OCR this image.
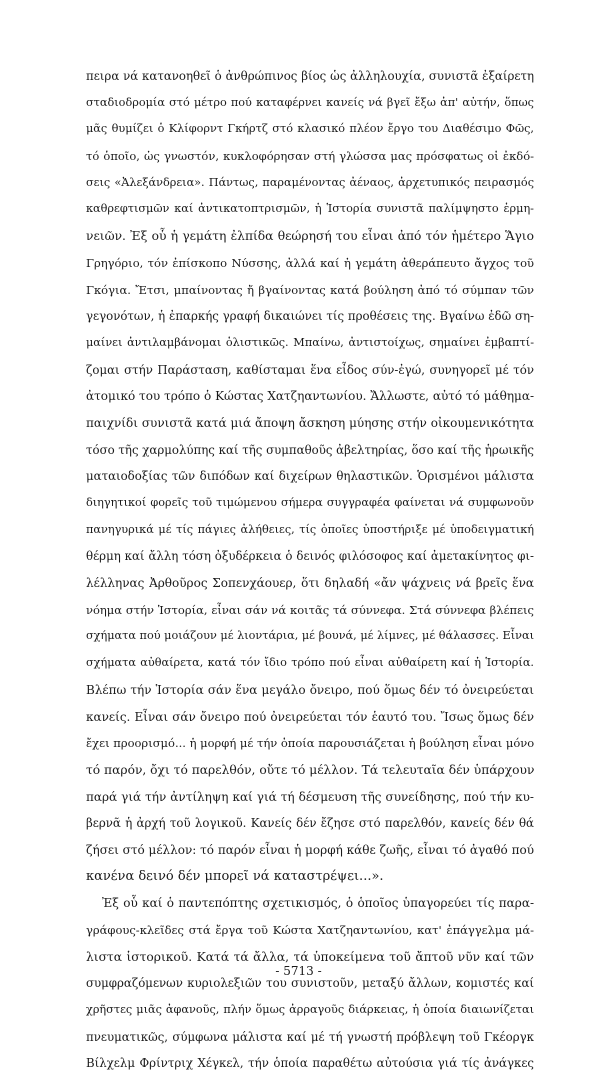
πειρα νά κατανοηθεῖ ὁ ἀνθρώπινος βίος ὡς ἀλληλουχία, συνιστᾶ ἐξαίρετη
σταδιοδρομία στό μέτρο πού καταφέρνει κανείς νά βγεῖ ἔξω ἀπ' αὐτήν, ὅπως
μᾶς θυμίζει ὁ Κλίφορντ Γκήρτζ στό κλασικό πλέον ἔργο του Διαθέσιμο Φῶς,
τό ὁποῖο, ὡς γνωστόν, κυκλοφόρησαν στή γλώσσα μας πρόσφατως οἱ ἐκδό-
σεις «Ἀλεξάνδρεια». Πάντως, παραμένοντας ἀέναος, ἀρχετυπικός πειρασμός
καθρεφτισμῶν καί ἀντικατοπτρισμῶν, ἡ Ἱστορία συνιστᾶ παλίμψηστο ἑρμη-
νειῶν. Ἐξ οὗ ἡ γεμάτη ἐλπίδα θεώρησή του εἶναι ἀπό τόν ἡμέτερο Ἅγιο
Γρηγόριο, τόν ἐπίσκοπο Νύσσης, ἀλλά καί ἡ γεμάτη ἀθεράπευτο ἄγχος τοῦ
Γκόγια. Ἔτσι, μπαίνοντας ἤ βγαίνοντας κατά βούληση ἀπό τό σύμπαν τῶν
γεγονότων, ἡ ἐπαρκής γραφή δικαιώνει τίς προθέσεις της. Βγαίνω ἐδῶ ση-
μαίνει ἀντιλαμβάνομαι ὁλιστικῶς. Μπαίνω, ἀντιστοίχως, σημαίνει ἐμβαπτί-
ζομαι στήν Παράσταση, καθίσταμαι ἕνα εἶδος σύν-ἐγώ, συνηγορεῖ μέ τόν
ἀτομικό του τρόπο ὁ Κώστας Χατζηαντωνίου. Ἄλλωστε, αὐτό τό μάθημα-
παιχνίδι συνιστᾶ κατά μιά ἄποψη ἄσκηση μύησης στήν οἰκουμενικότητα
τόσο τῆς χαρμολύπης καί τῆς συμπαθοῦς ἀβελτηρίας, ὅσο καί τῆς ἡρωικῆς
ματαιοδοξίας τῶν διπόδων καί διχείρων θηλαστικῶν. Ὁρισμένοι μάλιστα
διηγητικοί φορεῖς τοῦ τιμώμενου σήμερα συγγραφέα φαίνεται νά συμφωνοῦν
πανηγυρικά μέ τίς πάγιες ἀλήθειες, τίς ὁποῖες ὑποστήριξε μέ ὑποδειγματική
θέρμη καί ἄλλη τόση ὀξυδέρκεια ὁ δεινός φιλόσοφος καί ἀμετακίνητος φι-
λέλληνας Ἀρθοῦρος Σοπενχάουερ, ὅτι δηλαδή «ἄν ψάχνεις νά βρεῖς ἕνα
νόημα στήν Ἱστορία, εἶναι σάν νά κοιτᾶς τά σύννεφα. Στά σύννεφα βλέπεις
σχήματα πού μοιάζουν μέ λιοντάρια, μέ βουνά, μέ λίμνες, μέ θάλασσες. Εἶναι
σχήματα αὐθαίρετα, κατά τόν ἴδιο τρόπο πού εἶναι αὐθαίρετη καί ἡ Ἱστορία.
Βλέπω τήν Ἱστορία σάν ἕνα μεγάλο ὄνειρο, πού ὅμως δέν τό ὀνειρεύεται
κανείς. Εἶναι σάν ὄνειρο πού ὀνειρεύεται τόν ἑαυτό του. Ἴσως ὅμως δέν
ἔχει προορισμό... ἡ μορφή μέ τήν ὁποία παρουσιάζεται ἡ βούληση εἶναι μόνο
τό παρόν, ὄχι τό παρελθόν, οὔτε τό μέλλον. Τά τελευταῖα δέν ὑπάρχουν
παρά γιά τήν ἀντίληψη καί γιά τή δέσμευση τῆς συνείδησης, πού τήν κυ-
βερνᾶ ἡ ἀρχή τοῦ λογικοῦ. Κανείς δέν ἔζησε στό παρελθόν, κανείς δέν θά
ζήσει στό μέλλον: τό παρόν εἶναι ἡ μορφή κάθε ζωῆς, εἶναι τό ἀγαθό πού
κανένα δεινό δέν μπορεῖ νά καταστρέψει...».
Ἐξ οὗ καί ὁ παντεπόπτης σχετικισμός, ὁ ὁποῖος ὑπαγορεύει τίς παρα-
γράφους-κλεῖδες στά ἔργα τοῦ Κώστα Χατζηαντωνίου, κατ' ἐπάγγελμα μά-
λιστα ἱστορικοῦ. Κατά τά ἄλλα, τά ὑποκείμενα τοῦ ἄπτοῦ νῦν καί τῶν
συμφραζόμενων κυριολεξιῶν του συνιστοῦν, μεταξύ ἄλλων, κομιστές καί
χρῆστες μιᾶς ἀφανοῦς, πλήν ὅμως ἀρραγοῦς διάρκειας, ἡ ὁποία διαιωνίζεται
πνευματικῶς, σύμφωνα μάλιστα καί μέ τή γνωστή πρόβλεψη τοῦ Γκέοργκ
Βίλχελμ Φρίντριχ Χέγκελ, τήν ὁποία παραθέτω αὐτούσια γιά τίς ἀνάγκες
- 5713 -
